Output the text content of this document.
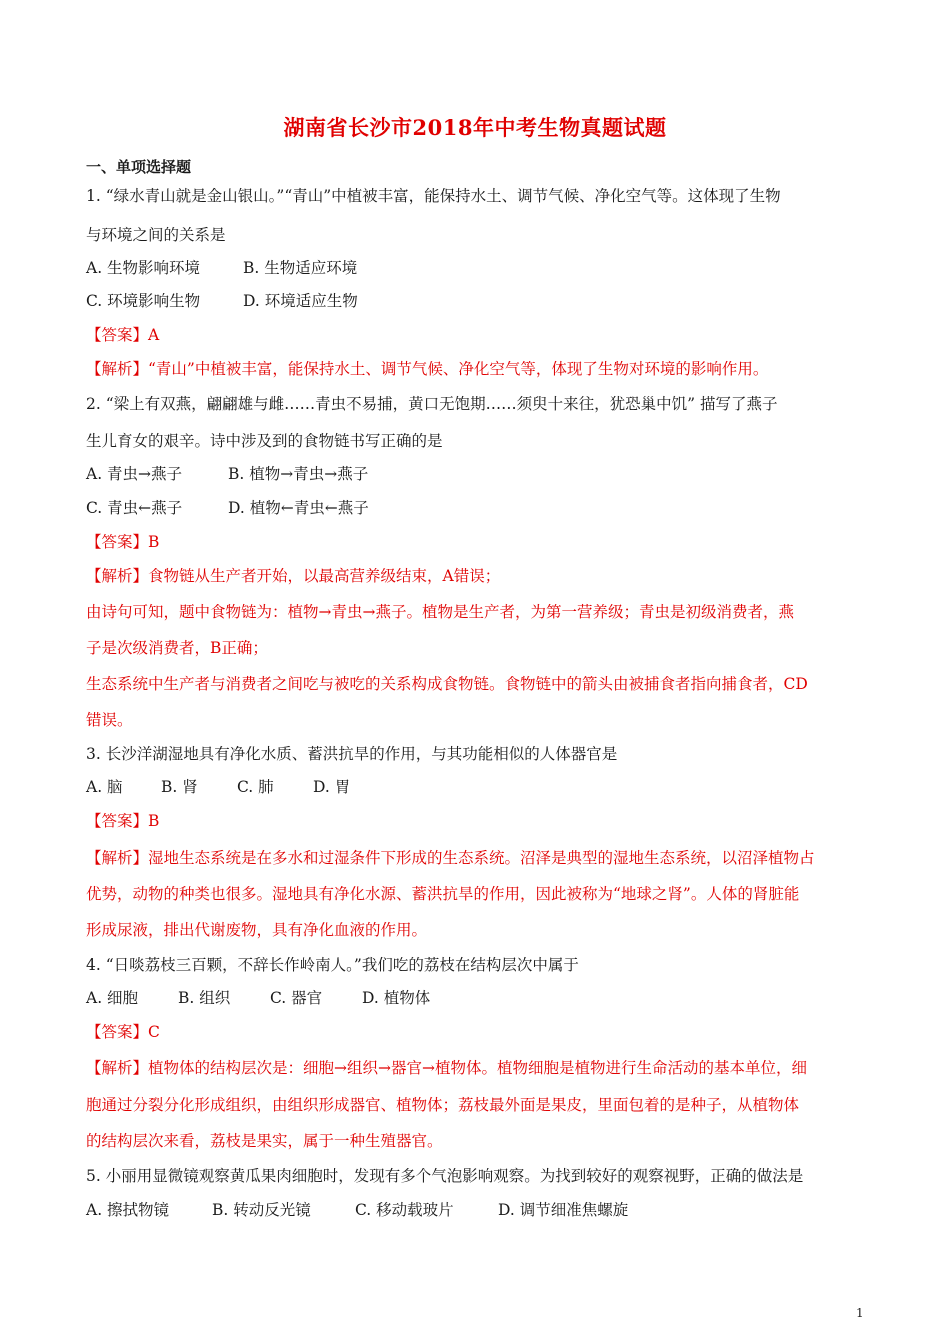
湖南省长沙市2018年中考生物真题试题
一、单项选择题
1. “绿水青山就是金山银山。”“青山”中植被丰富，能保持水土、调节气候、净化空气等。这体现了生物
与环境之间的关系是
A. 生物影响环境	B. 生物适应环境
C. 环境影响生物	D. 环境适应生物
【答案】A
【解析】“青山”中植被丰富，能保持水土、调节气候、净化空气等，体现了生物对环境的影响作用。
2. “梁上有双燕，翩翩雄与雌……青虫不易捕，黄口无饱期……须臾十来往，犹恐巢中饥” 描写了燕子
生儿育女的艰辛。诗中涉及到的食物链书写正确的是
A. 青虫→燕子	B. 植物→青虫→燕子
C. 青虫←燕子	D. 植物←青虫←燕子
【答案】B
【解析】食物链从生产者开始，以最高营养级结束，A错误；
由诗句可知，题中食物链为：植物→青虫→燕子。植物是生产者，为第一营养级；青虫是初级消费者，燕
子是次级消费者，B正确；
生态系统中生产者与消费者之间吃与被吃的关系构成食物链。食物链中的箭头由被捕食者指向捕食者，CD
错误。
3. 长沙洋湖湿地具有净化水质、蓄洪抗旱的作用，与其功能相似的人体器官是
A. 脑 B. 肾	C. 肺	D. 胃
【答案】B
【解析】湿地生态系统是在多水和过湿条件下形成的生态系统。沼泽是典型的湿地生态系统，以沼泽植物占
优势，动物的种类也很多。湿地具有净化水源、蓄洪抗旱的作用，因此被称为“地球之肾”。人体的肾脏能
形成尿液，排出代谢废物，具有净化血液的作用。
4. “日啖荔枝三百颗，不辞长作岭南人。”我们吃的荔枝在结构层次中属于
A. 细胞	B. 组织	C. 器官	D. 植物体
【答案】C
【解析】植物体的结构层次是：细胞→组织→器官→植物体。植物细胞是植物进行生命活动的基本单位，细
胞通过分裂分化形成组织，由组织形成器官、植物体；荔枝最外面是果皮，里面包着的是种子，从植物体
的结构层次来看，荔枝是果实，属于一种生殖器官。
5. 小丽用显微镜观察黄瓜果肉细胞时，发现有多个气泡影响观察。为找到较好的观察视野，正确的做法是
A. 擦拭物镜	B. 转动反光镜	C. 移动载玻片	D. 调节细准焦螺旋
1
